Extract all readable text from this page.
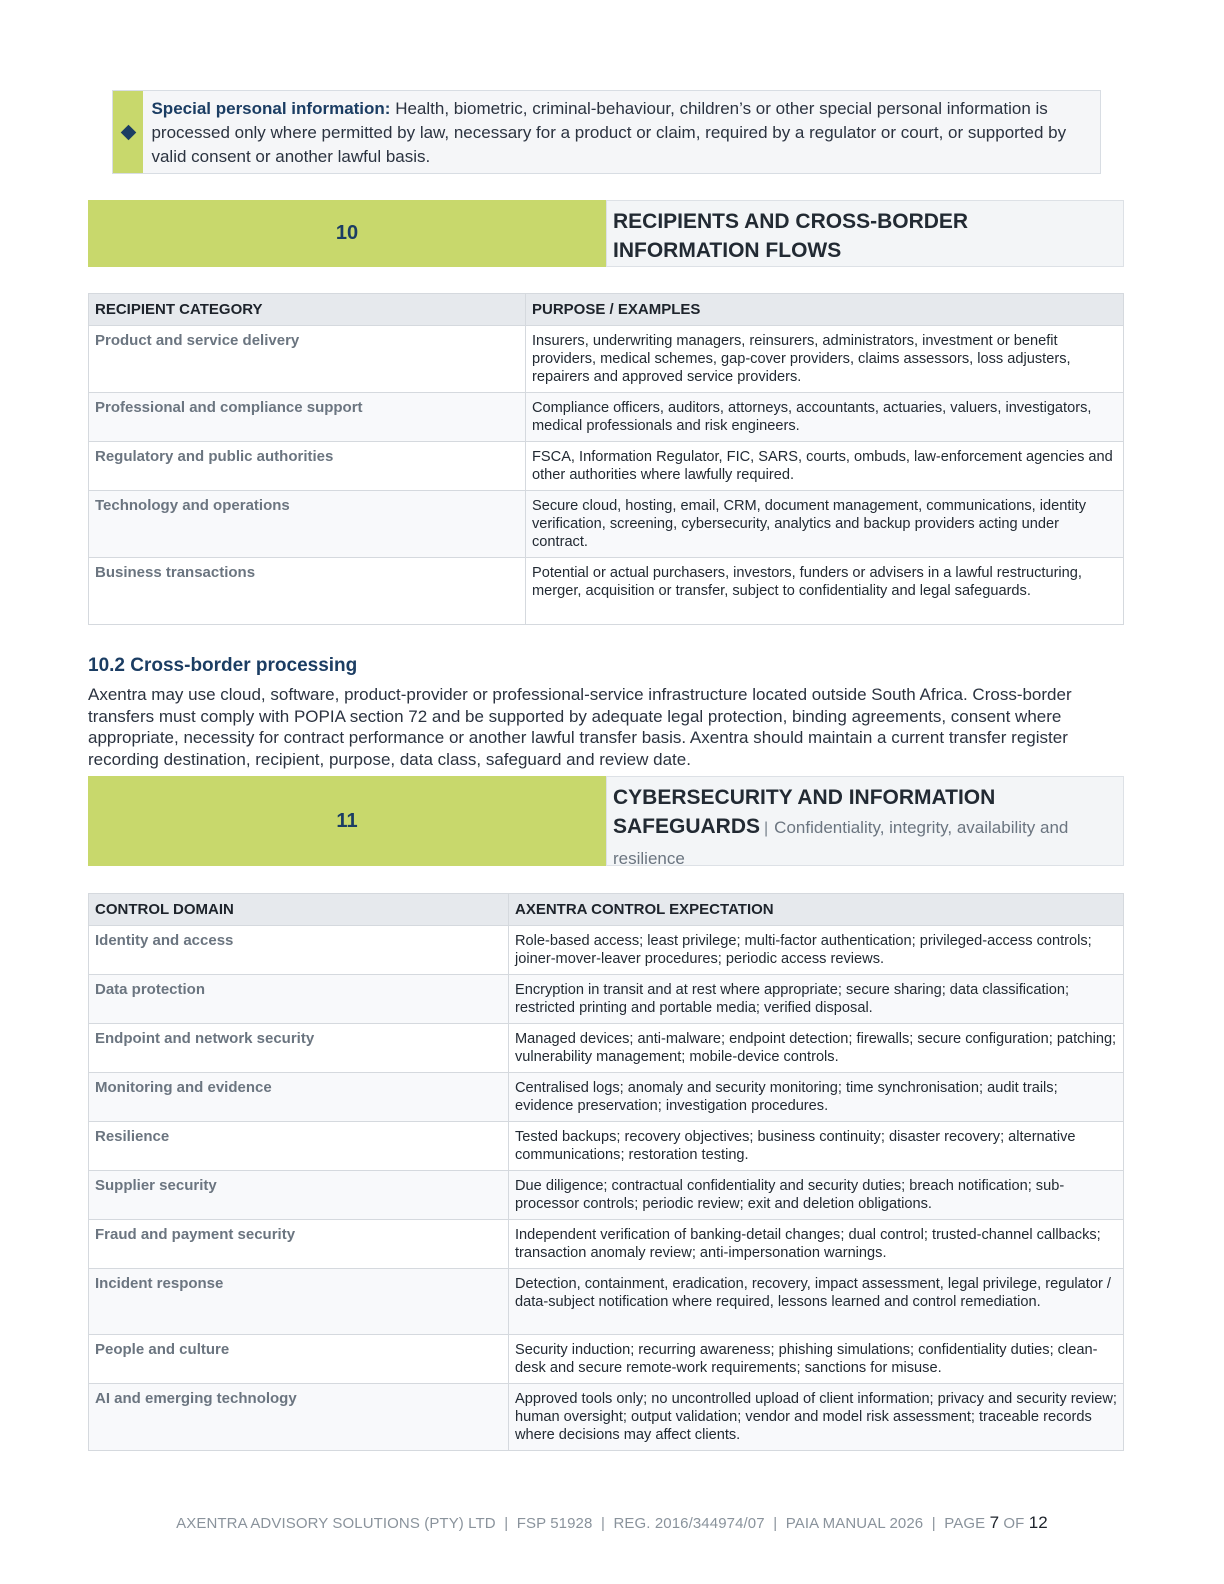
Special personal information: Health, biometric, criminal-behaviour, children’s or other special personal information is processed only where permitted by law, necessary for a product or claim, required by a regulator or court, or supported by valid consent or another lawful basis.
10	RECIPIENTS AND CROSS-BORDER
INFORMATION FLOWS
RECIPIENT CATEGORY	PURPOSE / EXAMPLES
Product and service delivery	Insurers, underwriting managers, reinsurers, administrators, investment or benefit providers, medical schemes, gap-cover providers, claims assessors, loss adjusters, repairers and approved service providers.
Professional and compliance support	Compliance officers, auditors, attorneys, accountants, actuaries, valuers, investigators, medical professionals and risk engineers.
Regulatory and public authorities	FSCA, Information Regulator, FIC, SARS, courts, ombuds, law-enforcement agencies and other authorities where lawfully required.
Technology and operations	Secure cloud, hosting, email, CRM, document management, communications, identity verification, screening, cybersecurity, analytics and backup providers acting under contract.
Business transactions	Potential or actual purchasers, investors, funders or advisers in a lawful restructuring, merger, acquisition or transfer, subject to confidentiality and legal safeguards.
10.2 Cross-border processing
Axentra may use cloud, software, product-provider or professional-service infrastructure located outside South Africa. Cross-border transfers must comply with POPIA section 72 and be supported by adequate legal protection, binding agreements, consent where appropriate, necessity for contract performance or another lawful transfer basis. Axentra should maintain a current transfer register recording destination, recipient, purpose, data class, safeguard and review date.
11
CYBERSECURITY AND INFORMATION
SAFEGUARDS | Confidentiality, integrity, availability and resilience
CONTROL DOMAIN	AXENTRA CONTROL EXPECTATION
Identity and access	Role-based access; least privilege; multi-factor authentication; privileged-access controls; joiner-mover-leaver procedures; periodic access reviews.
Data protection	Encryption in transit and at rest where appropriate; secure sharing; data classification; restricted printing and portable media; verified disposal.
Endpoint and network security	Managed devices; anti-malware; endpoint detection; firewalls; secure configuration; patching; vulnerability management; mobile-device controls.
Monitoring and evidence	Centralised logs; anomaly and security monitoring; time synchronisation; audit trails; evidence preservation; investigation procedures.
Resilience	Tested backups; recovery objectives; business continuity; disaster recovery; alternative communications; restoration testing.
Supplier security	Due diligence; contractual confidentiality and security duties; breach notification; sub-processor controls; periodic review; exit and deletion obligations.
Fraud and payment security	Independent verification of banking-detail changes; dual control; trusted-channel callbacks; transaction anomaly review; anti-impersonation warnings.
Incident response	Detection, containment, eradication, recovery, impact assessment, legal privilege, regulator / data-subject notification where required, lessons learned and control remediation.
People and culture	Security induction; recurring awareness; phishing simulations; confidentiality duties; clean-desk and secure remote-work requirements; sanctions for misuse.
AI and emerging technology	Approved tools only; no uncontrolled upload of client information; privacy and security review; human oversight; output validation; vendor and model risk assessment; traceable records where decisions may affect clients.
AXENTRA ADVISORY SOLUTIONS (PTY) LTD  |  FSP 51928  |  REG. 2016/344974/07  |  PAIA MANUAL 2026  |  PAGE 7 OF 12
